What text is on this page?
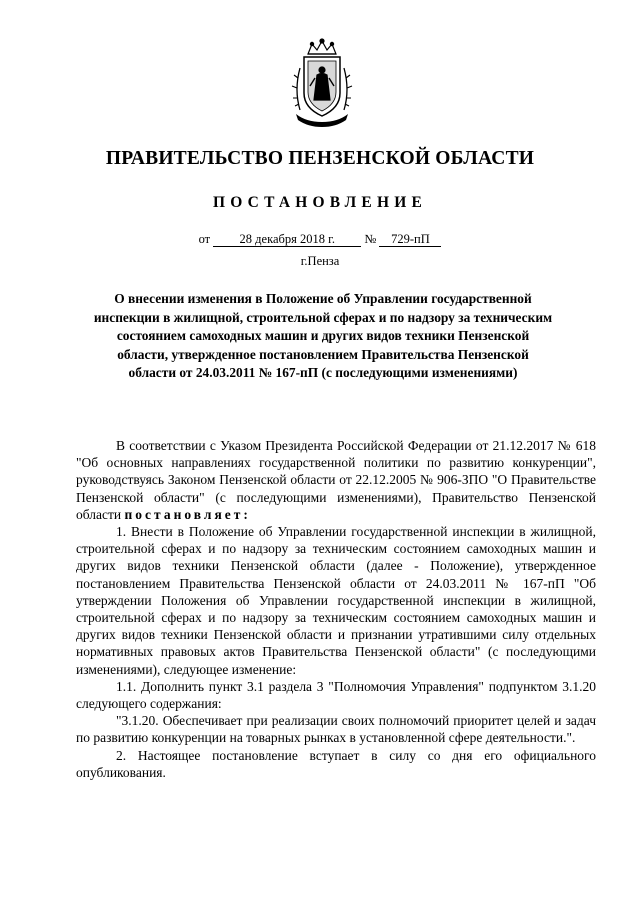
ПРАВИТЕЛЬСТВО ПЕНЗЕНСКОЙ ОБЛАСТИ
ПОСТАНОВЛЕНИЕ
от 28 декабря 2018 г. № 729-пП
г.Пенза
О внесении изменения в Положение об Управлении государственной инспекции в жилищной, строительной сферах и по надзору за техническим состоянием самоходных машин и других видов техники Пензенской области, утвержденное постановлением Правительства Пензенской области от 24.03.2011 № 167-пП (с последующими изменениями)

В соответствии с Указом Президента Российской Федерации от 21.12.2017 № 618 "Об основных направлениях государственной политики по развитию конкуренции", руководствуясь Законом Пензенской области от 22.12.2005 № 906-ЗПО "О Правительстве Пензенской области" (с последующими изменениями), Правительство Пензенской области постановляет:

1. Внести в Положение об Управлении государственной инспекции в жилищной, строительной сферах и по надзору за техническим состоянием самоходных машин и других видов техники Пензенской области (далее - Положение), утвержденное постановлением Правительства Пензенской области от 24.03.2011 № 167-пП "Об утверждении Положения об Управлении государственной инспекции в жилищной, строительной сферах и по надзору за техническим состоянием самоходных машин и других видов техники Пензенской области и признании утратившими силу отдельных нормативных правовых актов Правительства Пензенской области" (с последующими изменениями), следующее изменение:

1.1. Дополнить пункт 3.1 раздела 3 "Полномочия Управления" подпунктом 3.1.20 следующего содержания:

"3.1.20. Обеспечивает при реализации своих полномочий приоритет целей и задач по развитию конкуренции на товарных рынках в установленной сфере деятельности.".

2. Настоящее постановление вступает в силу со дня его официального опубликования.
